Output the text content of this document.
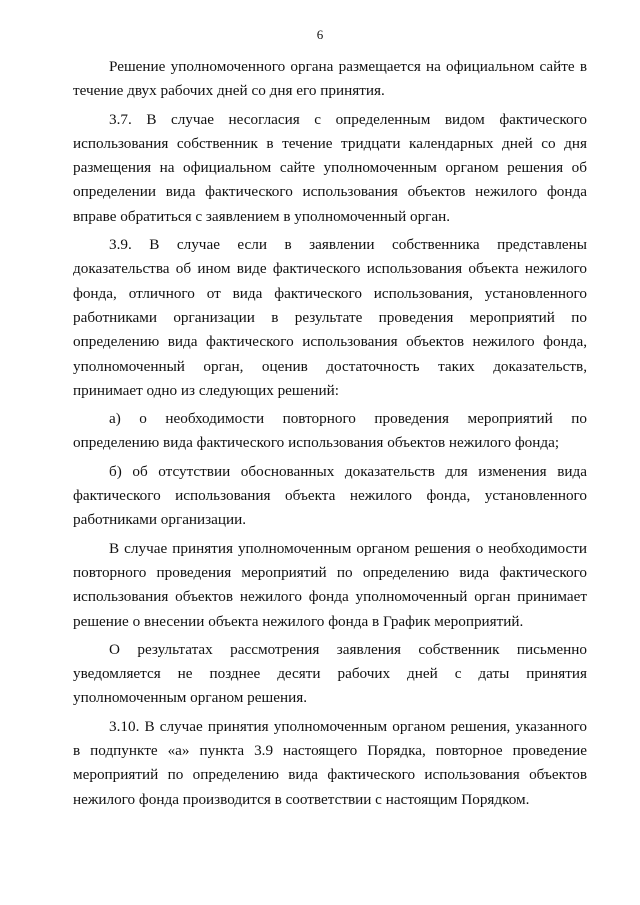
6

Решение уполномоченного органа размещается на официальном сайте в течение двух рабочих дней со дня его принятия.

3.7. В случае несогласия с определенным видом фактического использования собственник в течение тридцати календарных дней со дня размещения на официальном сайте уполномоченным органом решения об определении вида фактического использования объектов нежилого фонда вправе обратиться с заявлением в уполномоченный орган.

3.9. В случае если в заявлении собственника представлены доказательства об ином виде фактического использования объекта нежилого фонда, отличного от вида фактического использования, установленного работниками организации в результате проведения мероприятий по определению вида фактического использования объектов нежилого фонда, уполномоченный орган, оценив достаточность таких доказательств, принимает одно из следующих решений:

а) о необходимости повторного проведения мероприятий по определению вида фактического использования объектов нежилого фонда;

б) об отсутствии обоснованных доказательств для изменения вида фактического использования объекта нежилого фонда, установленного работниками организации.

В случае принятия уполномоченным органом решения о необходимости повторного проведения мероприятий по определению вида фактического использования объектов нежилого фонда уполномоченный орган принимает решение о внесении объекта нежилого фонда в График мероприятий.

О результатах рассмотрения заявления собственник письменно уведомляется не позднее десяти рабочих дней с даты принятия уполномоченным органом решения.

3.10. В случае принятия уполномоченным органом решения, указанного в подпункте «а» пункта 3.9 настоящего Порядка, повторное проведение мероприятий по определению вида фактического использования объектов нежилого фонда производится в соответствии с настоящим Порядком.
